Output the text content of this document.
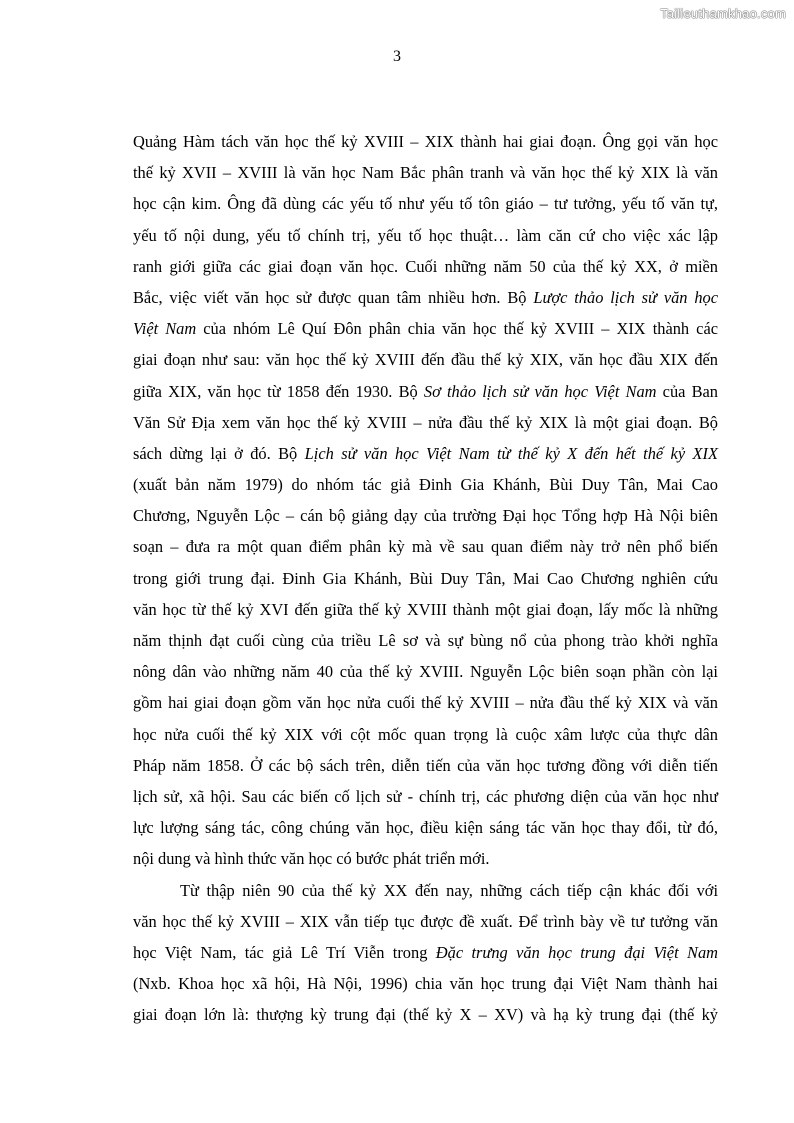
Tailieuthamkhao.com
3
Quảng Hàm tách văn học thế kỷ XVIII – XIX thành hai giai đoạn. Ông gọi văn học
thế kỷ XVII – XVIII là văn học Nam Bắc phân tranh và văn học thế kỷ XIX là văn
học cận kim. Ông đã dùng các yếu tố như yếu tố tôn giáo – tư tưởng, yếu tố văn tự,
yếu tố nội dung, yếu tố chính trị, yếu tố học thuật… làm căn cứ cho việc xác lập
ranh giới giữa các giai đoạn văn học. Cuối những năm 50 của thế kỷ XX, ở miền
Bắc, việc viết văn học sử được quan tâm nhiều hơn. Bộ Lược thảo lịch sử văn học
Việt Nam của nhóm Lê Quí Đôn phân chia văn học thế kỷ XVIII – XIX thành các
giai đoạn như sau: văn học thế kỷ XVIII đến đầu thế kỷ XIX, văn học đầu XIX đến
giữa XIX, văn học từ 1858 đến 1930. Bộ Sơ thảo lịch sử văn học Việt Nam của Ban
Văn Sử Địa xem văn học thế kỷ XVIII – nửa đầu thế kỷ XIX là một giai đoạn. Bộ
sách dừng lại ở đó. Bộ Lịch sử văn học Việt Nam từ thế kỷ X đến hết thế kỷ XIX
(xuất bản năm 1979) do nhóm tác giả Đinh Gia Khánh, Bùi Duy Tân, Mai Cao
Chương, Nguyễn Lộc – cán bộ giảng dạy của trường Đại học Tổng hợp Hà Nội biên
soạn – đưa ra một quan điểm phân kỳ mà về sau quan điểm này trở nên phổ biến
trong giới trung đại. Đinh Gia Khánh, Bùi Duy Tân, Mai Cao Chương nghiên cứu
văn học từ thế kỷ XVI đến giữa thế kỷ XVIII thành một giai đoạn, lấy mốc là những
năm thịnh đạt cuối cùng của triều Lê sơ và sự bùng nổ của phong trào khởi nghĩa
nông dân vào những năm 40 của thế kỷ XVIII. Nguyễn Lộc biên soạn phần còn lại
gồm hai giai đoạn gồm văn học nửa cuối thế kỷ XVIII – nửa đầu thế kỷ XIX và văn
học nửa cuối thế kỷ XIX với cột mốc quan trọng là cuộc xâm lược của thực dân
Pháp năm 1858. Ở các bộ sách trên, diễn tiến của văn học tương đồng với diễn tiến
lịch sử, xã hội. Sau các biến cố lịch sử - chính trị, các phương diện của văn học như
lực lượng sáng tác, công chúng văn học, điều kiện sáng tác văn học thay đổi, từ đó,
nội dung và hình thức văn học có bước phát triển mới.
Từ thập niên 90 của thế kỷ XX đến nay, những cách tiếp cận khác đối với
văn học thế kỷ XVIII – XIX vẫn tiếp tục được đề xuất. Để trình bày về tư tưởng văn
học Việt Nam, tác giả Lê Trí Viễn trong Đặc trưng văn học trung đại Việt Nam
(Nxb. Khoa học xã hội, Hà Nội, 1996) chia văn học trung đại Việt Nam thành hai
giai đoạn lớn là: thượng kỳ trung đại (thế kỷ X – XV) và hạ kỳ trung đại (thế kỷ
